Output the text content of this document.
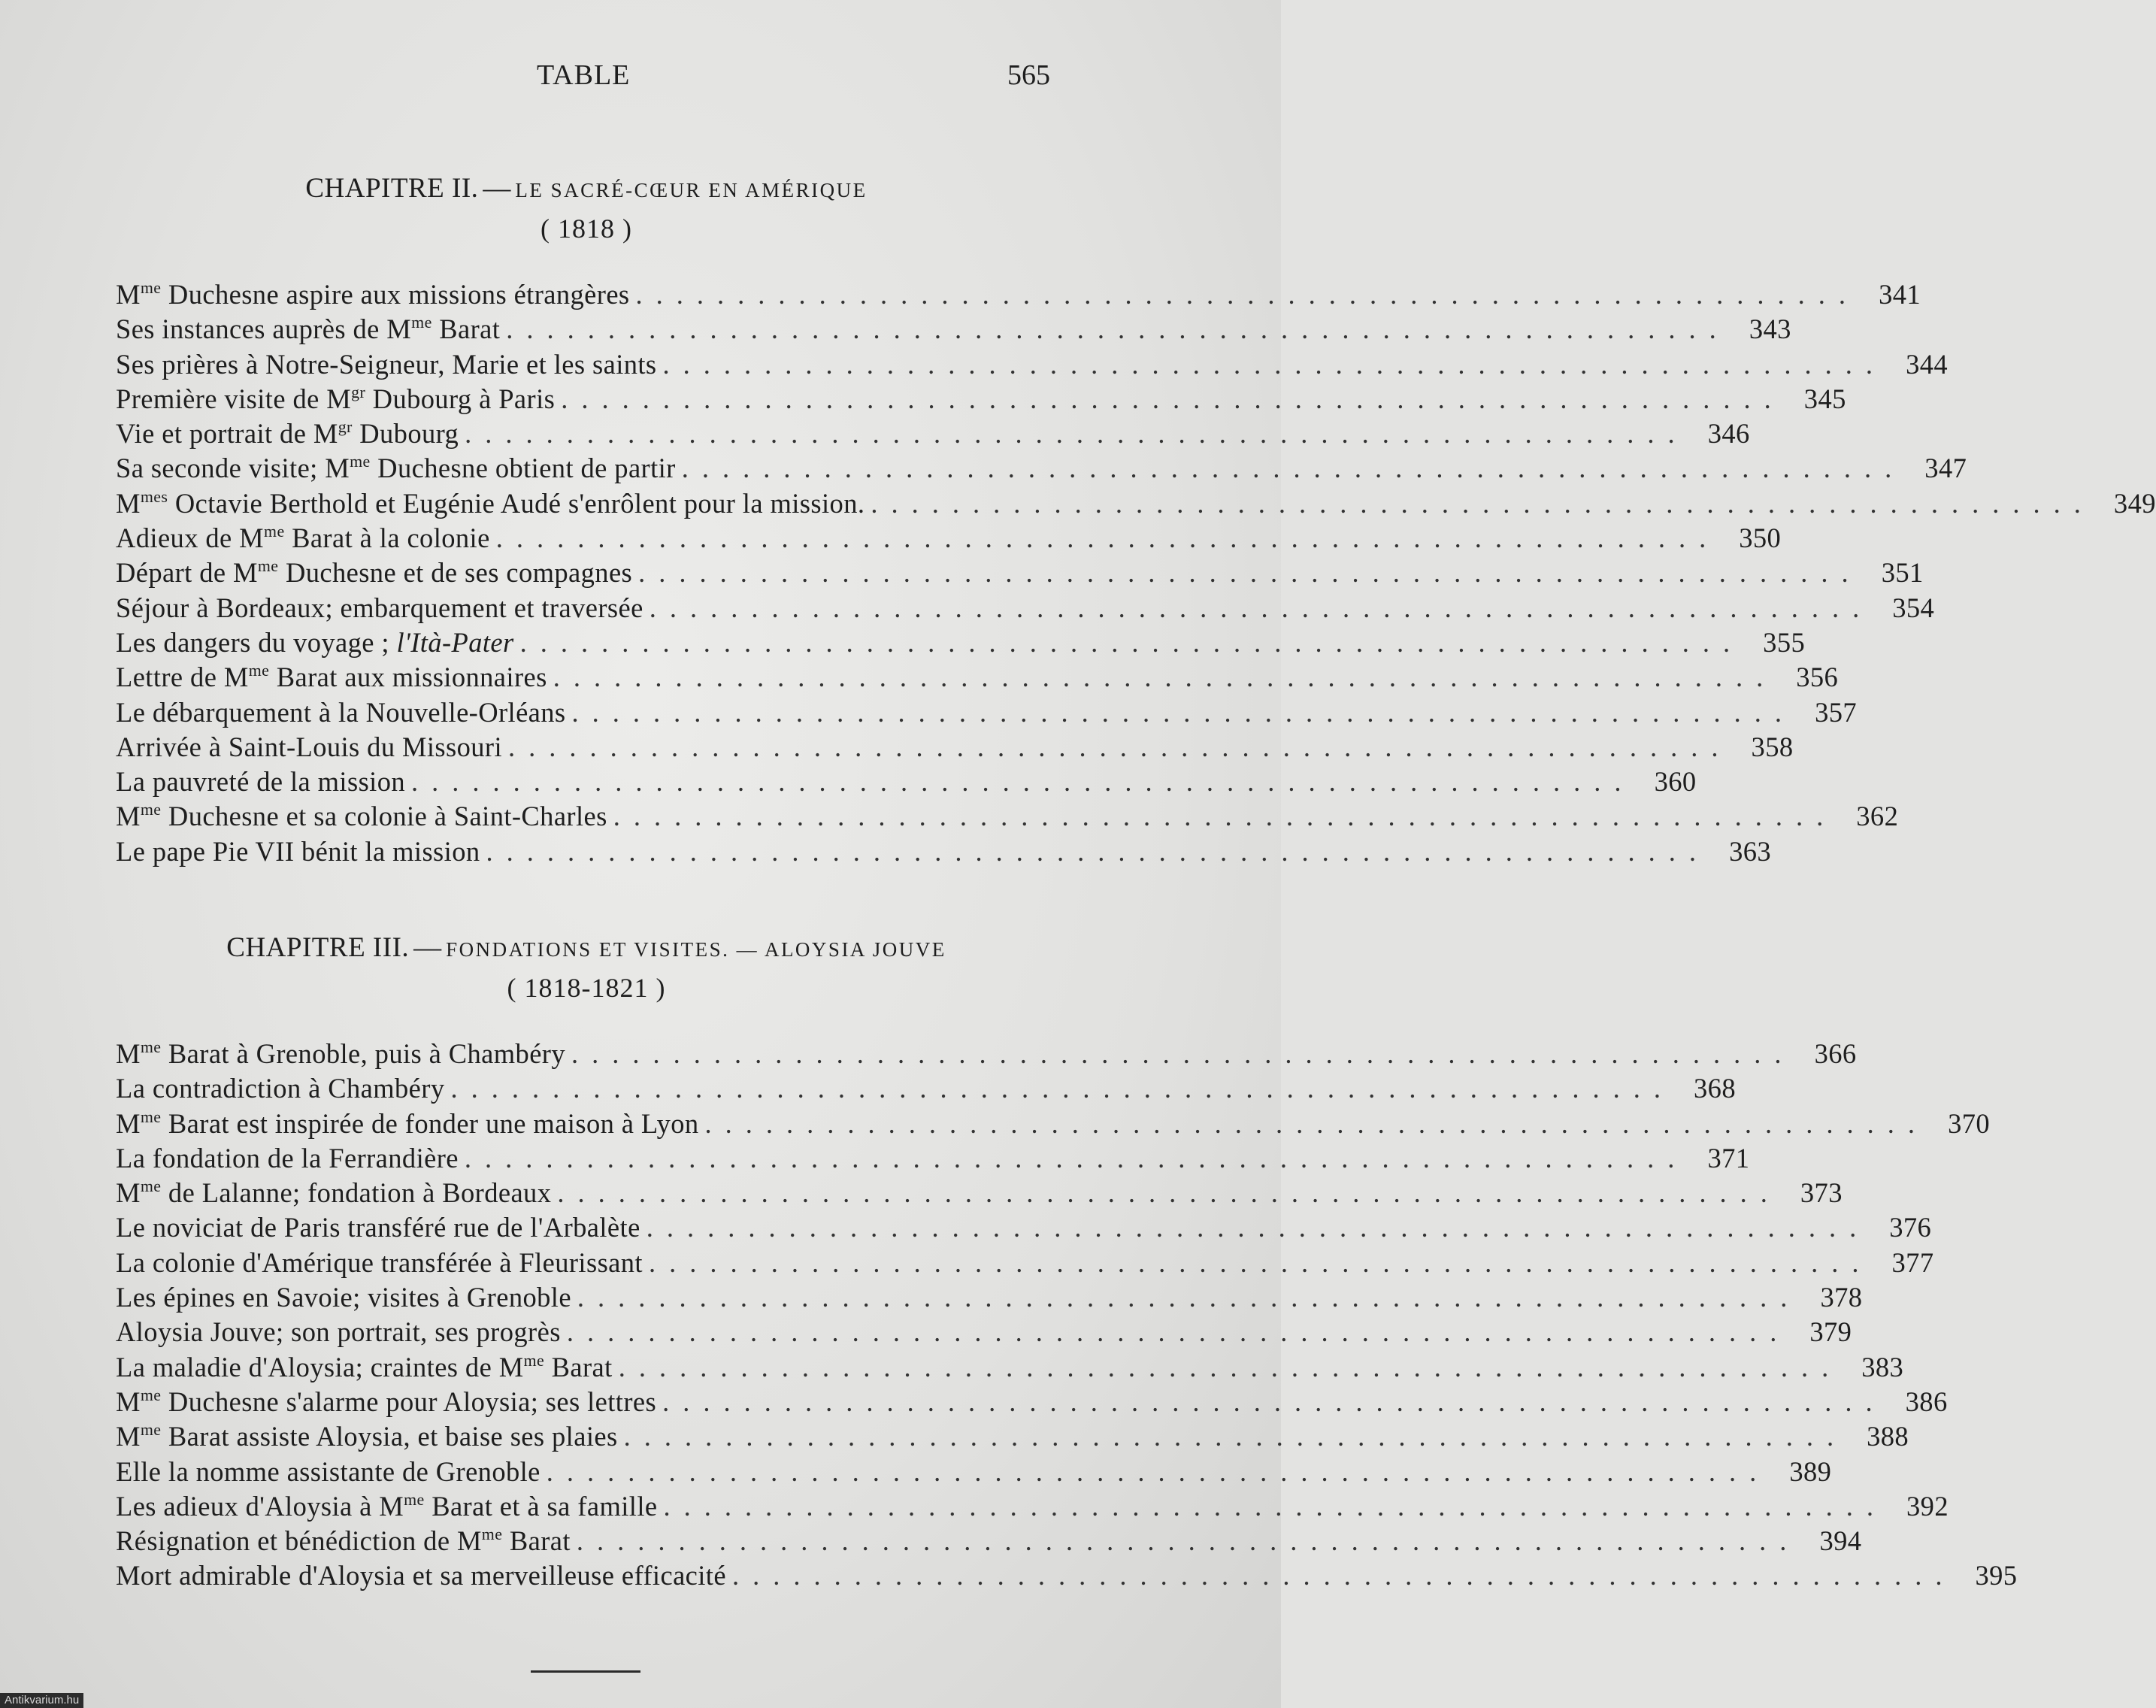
TABLE	565
CHAPITRE II. — LE SACRÉ-CŒUR EN AMÉRIQUE
( 1818 )
$M^{me}$ Duchesne aspire aux missions étrangères ............................................................ 341
Ses instances auprès de $M^{me}$ Barat ............................................................ 343
Ses prières à Notre-Seigneur, Marie et les saints ............................................................ 344
Première visite de $M^{gr}$ Dubourg à Paris ............................................................ 345
Vie et portrait de $M^{gr}$ Dubourg ............................................................ 346
Sa seconde visite; $M^{me}$ Duchesne obtient de partir ............................................................ 347
$M^{mes}$ Octavie Berthold et Eugénie Audé s'enrôlent pour la mission. ............................................................ 349
Adieux de $M^{me}$ Barat à la colonie ............................................................ 350
Départ de $M^{me}$ Duchesne et de ses compagnes ............................................................ 351
Séjour à Bordeaux; embarquement et traversée ............................................................ 354
Les dangers du voyage ; l'Ità-Pater ............................................................ 355
Lettre de $M^{me}$ Barat aux missionnaires ............................................................ 356
Le débarquement à la Nouvelle-Orléans ............................................................ 357
Arrivée à Saint-Louis du Missouri ............................................................ 358
La pauvreté de la mission ............................................................ 360
$M^{me}$ Duchesne et sa colonie à Saint-Charles ............................................................ 362
Le pape Pie VII bénit la mission ............................................................ 363
CHAPITRE III. — FONDATIONS ET VISITES. — ALOYSIA JOUVE
( 1818-1821 )
$M^{me}$ Barat à Grenoble, puis à Chambéry ............................................................ 366
La contradiction à Chambéry ............................................................ 368
$M^{me}$ Barat est inspirée de fonder une maison à Lyon ............................................................ 370
La fondation de la Ferrandière ............................................................ 371
$M^{me}$ de Lalanne; fondation à Bordeaux ............................................................ 373
Le noviciat de Paris transféré rue de l'Arbalète ............................................................ 376
La colonie d'Amérique transférée à Fleurissant ............................................................ 377
Les épines en Savoie; visites à Grenoble ............................................................ 378
Aloysia Jouve; son portrait, ses progrès ............................................................ 379
La maladie d'Aloysia; craintes de $M^{me}$ Barat ............................................................ 383
$M^{me}$ Duchesne s'alarme pour Aloysia; ses lettres ............................................................ 386
$M^{me}$ Barat assiste Aloysia, et baise ses plaies ............................................................ 388
Elle la nomme assistante de Grenoble ............................................................ 389
Les adieux d'Aloysia à $M^{me}$ Barat et à sa famille ............................................................ 392
Résignation et bénédiction de $M^{me}$ Barat ............................................................ 394
Mort admirable d'Aloysia et sa merveilleuse efficacité ............................................................ 395
Antikvarium.hu
